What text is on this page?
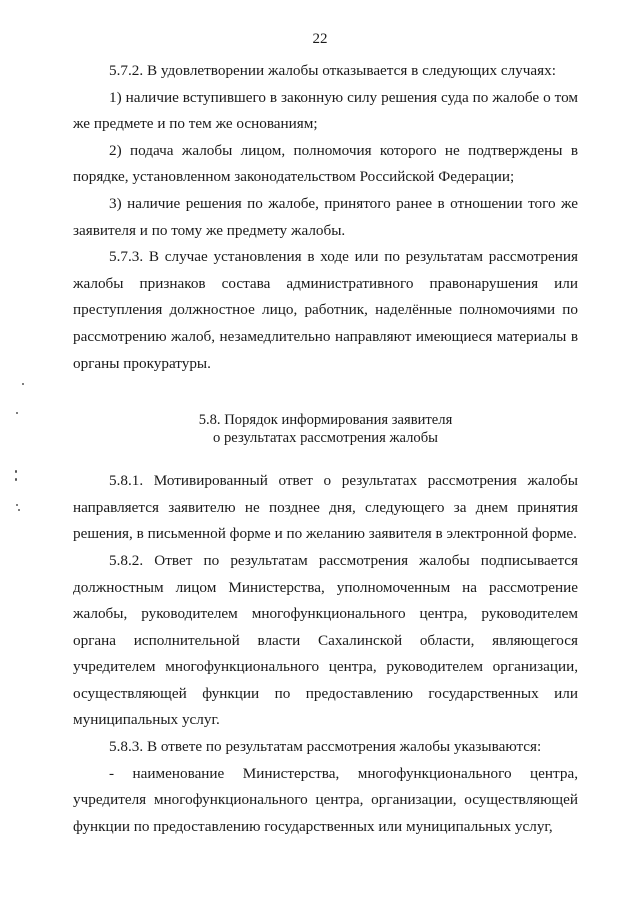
22

5.7.2. В удовлетворении жалобы отказывается в следующих случаях:

1) наличие вступившего в законную силу решения суда по жалобе о том же предмете и по тем же основаниям;

2) подача жалобы лицом, полномочия которого не подтверждены в порядке, установленном законодательством Российской Федерации;

3) наличие решения по жалобе, принятого ранее в отношении того же заявителя и по тому же предмету жалобы.

5.7.3. В случае установления в ходе или по результатам рассмотрения жалобы признаков состава административного правонарушения или преступления должностное лицо, работник, наделённые полномочиями по рассмотрению жалоб, незамедлительно направляют имеющиеся материалы в органы прокуратуры.

5.8. Порядок информирования заявителя
о результатах рассмотрения жалобы

5.8.1. Мотивированный ответ о результатах рассмотрения жалобы направляется заявителю не позднее дня, следующего за днем принятия решения, в письменной форме и по желанию заявителя в электронной форме.

5.8.2. Ответ по результатам рассмотрения жалобы подписывается должностным лицом Министерства, уполномоченным на рассмотрение жалобы, руководителем многофункционального центра, руководителем органа исполнительной власти Сахалинской области, являющегося учредителем многофункционального центра, руководителем организации, осуществляющей функции по предоставлению государственных или муниципальных услуг.

5.8.3. В ответе по результатам рассмотрения жалобы указываются:

- наименование Министерства, многофункционального центра, учредителя многофункционального центра, организации, осуществляющей функции по предоставлению государственных или муниципальных услуг,
